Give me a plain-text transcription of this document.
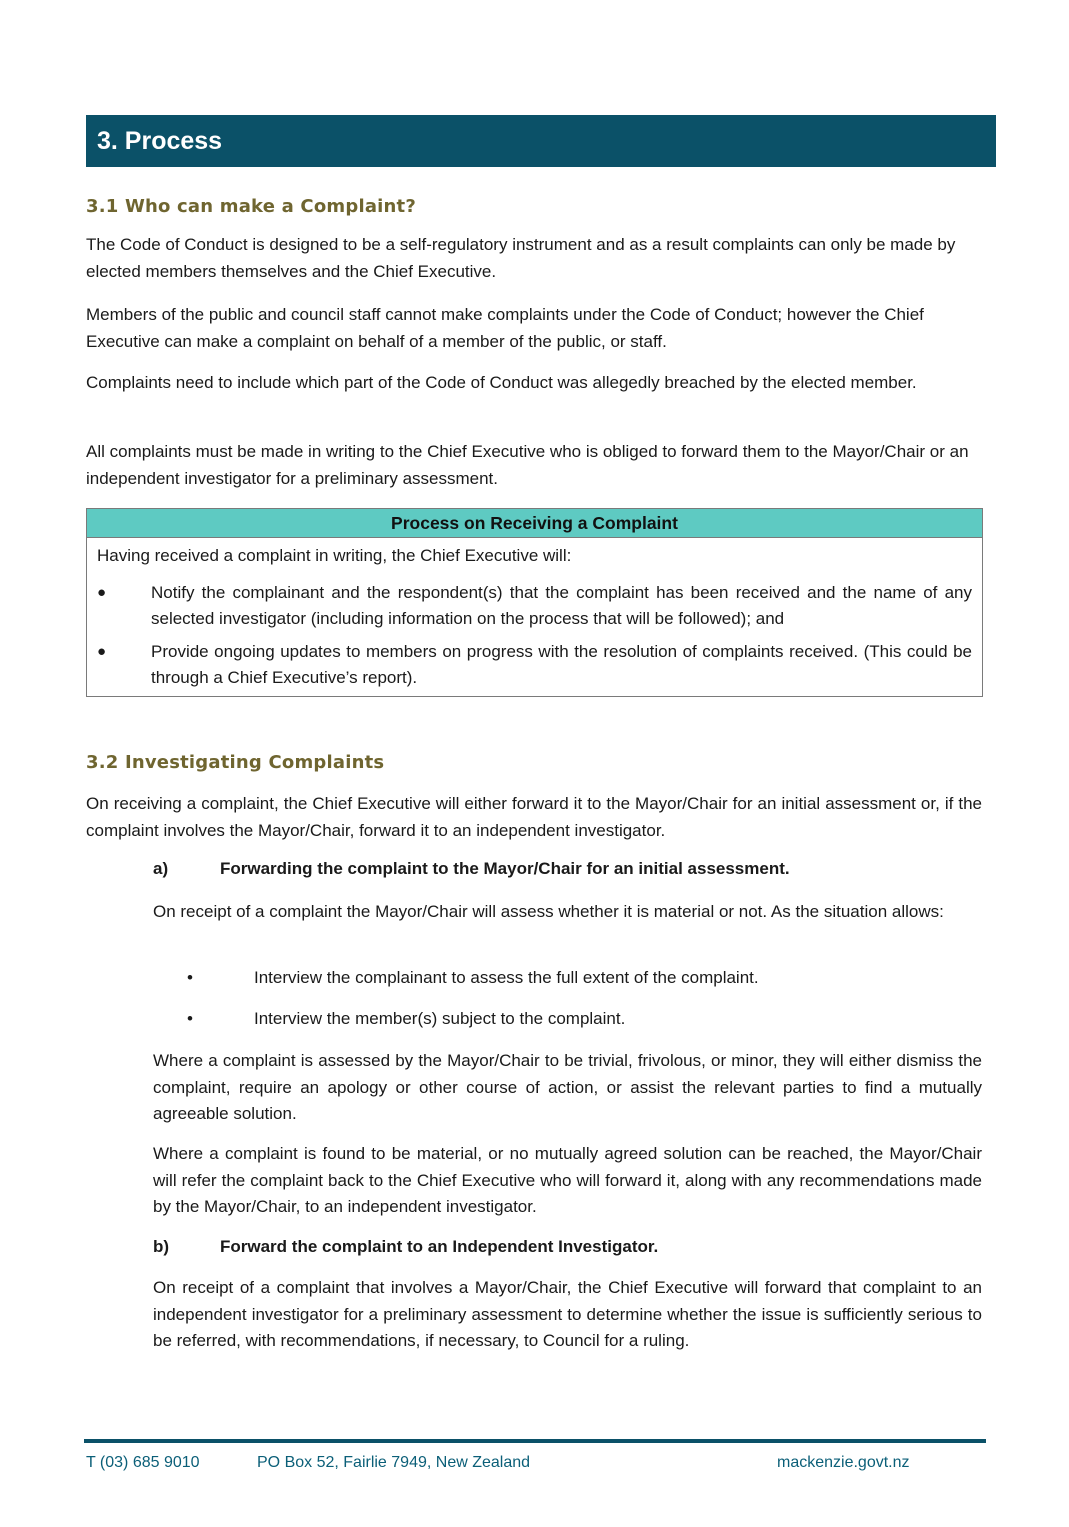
3. Process
3.1 Who can make a Complaint?

The Code of Conduct is designed to be a self-regulatory instrument and as a result complaints can only be made by elected members themselves and the Chief Executive.

Members of the public and council staff cannot make complaints under the Code of Conduct; however the Chief Executive can make a complaint on behalf of a member of the public, or staff.

Complaints need to include which part of the Code of Conduct was allegedly breached by the elected member.

All complaints must be made in writing to the Chief Executive who is obliged to forward them to the Mayor/Chair or an independent investigator for a preliminary assessment.

Process on Receiving a Complaint
Having received a complaint in writing, the Chief Executive will:
●	Notify the complainant and the respondent(s) that the complaint has been received and the name of any selected investigator (including information on the process that will be followed); and
●	Provide ongoing updates to members on progress with the resolution of complaints received. (This could be through a Chief Executive’s report).
3.2 Investigating Complaints

On receiving a complaint, the Chief Executive will either forward it to the Mayor/Chair for an initial assessment or, if the complaint involves the Mayor/Chair, forward it to an independent investigator.

a)	Forwarding the complaint to the Mayor/Chair for an initial assessment.

On receipt of a complaint the Mayor/Chair will assess whether it is material or not. As the situation allows:

•	Interview the complainant to assess the full extent of the complaint.
•	Interview the member(s) subject to the complaint.

Where a complaint is assessed by the Mayor/Chair to be trivial, frivolous, or minor, they will either dismiss the complaint, require an apology or other course of action, or assist the relevant parties to find a mutually agreeable solution.

Where a complaint is found to be material, or no mutually agreed solution can be reached, the Mayor/Chair will refer the complaint back to the Chief Executive who will forward it, along with any recommendations made by the Mayor/Chair, to an independent investigator.

b)	Forward the complaint to an Independent Investigator.

On receipt of a complaint that involves a Mayor/Chair, the Chief Executive will forward that complaint to an independent investigator for a preliminary assessment to determine whether the issue is sufficiently serious to be referred, with recommendations, if necessary, to Council for a ruling.

T (03) 685 9010	PO Box 52, Fairlie 7949, New Zealand	mackenzie.govt.nz
